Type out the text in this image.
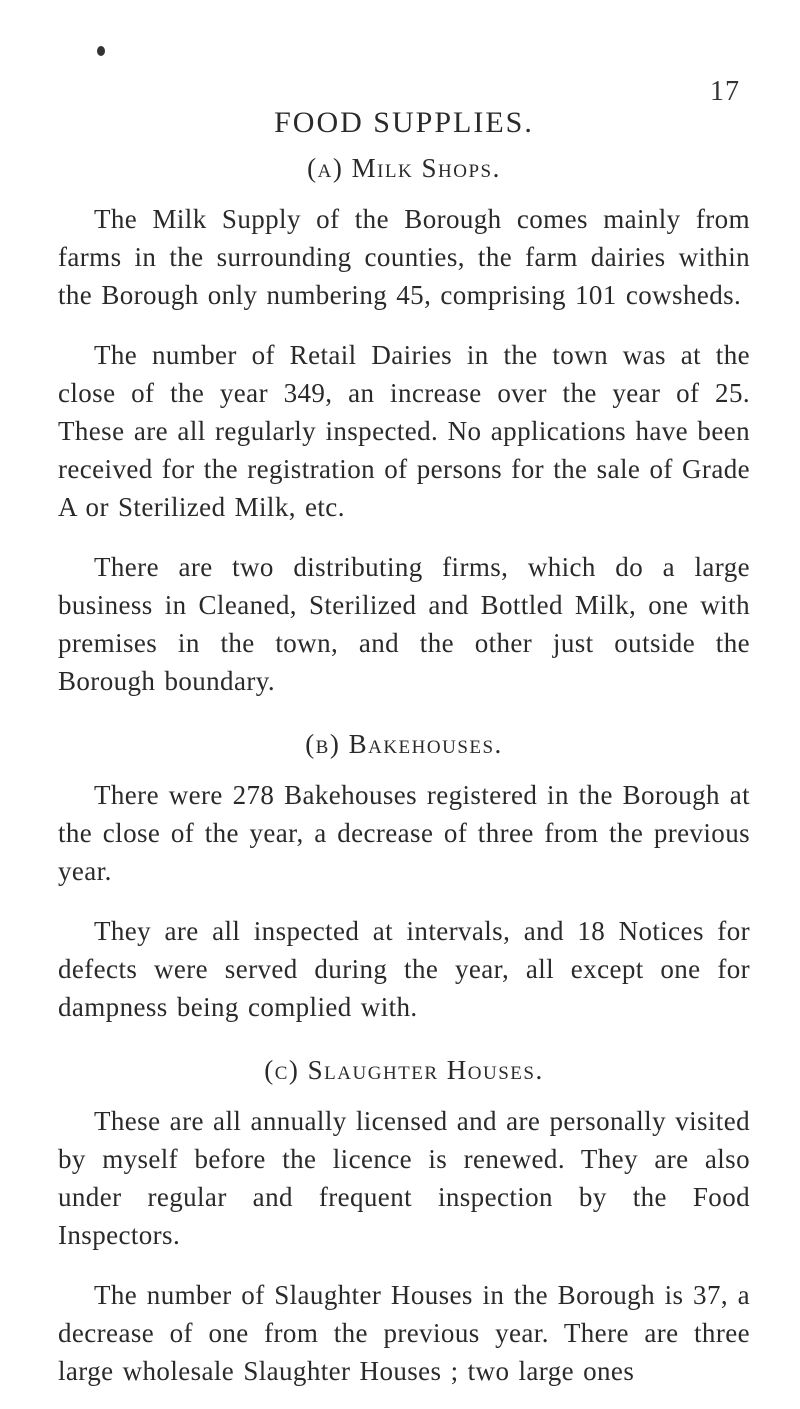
17
FOOD SUPPLIES.
(a) Milk Shops.

The Milk Supply of the Borough comes mainly from farms in the surrounding counties, the farm dairies within the Borough only numbering 45, comprising 101 cowsheds.

The number of Retail Dairies in the town was at the close of the year 349, an increase over the year of 25. These are all regularly inspected. No applications have been received for the registration of persons for the sale of Grade A or Sterilized Milk, etc.

There are two distributing firms, which do a large business in Cleaned, Sterilized and Bottled Milk, one with premises in the town, and the other just outside the Borough boundary.

(b) Bakehouses.

There were 278 Bakehouses registered in the Borough at the close of the year, a decrease of three from the previous year.

They are all inspected at intervals, and 18 Notices for defects were served during the year, all except one for dampness being complied with.

(c) Slaughter Houses.

These are all annually licensed and are personally visited by myself before the licence is renewed. They are also under regular and frequent inspection by the Food Inspectors.

The number of Slaughter Houses in the Borough is 37, a decrease of one from the previous year. There are three large wholesale Slaughter Houses ; two large ones
